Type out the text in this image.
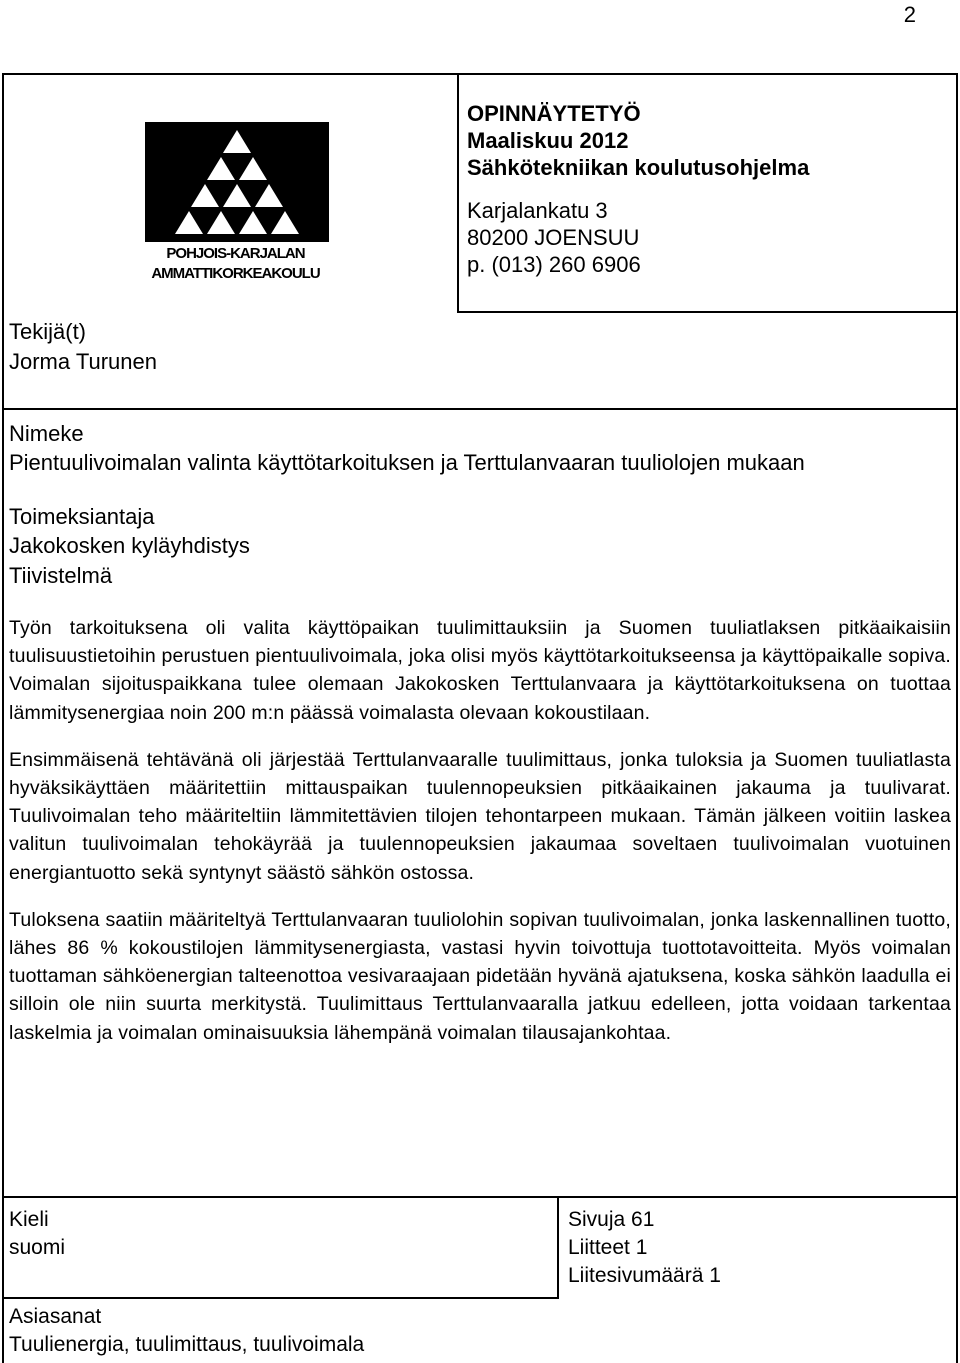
2
POHJOIS-KARJALAN
AMMATTIKORKEAKOULU
OPINNÄYTETYÖ
Maaliskuu 2012
Sähkötekniikan koulutusohjelma
Karjalankatu 3
80200 JOENSUU
p. (013) 260 6906
Tekijä(t)
Jorma Turunen
Nimeke
Pientuulivoimalan valinta käyttötarkoituksen ja Terttulanvaaran tuuliolojen mukaan
Toimeksiantaja
Jakokosken kyläyhdistys
Tiivistelmä

Työn tarkoituksena oli valita käyttöpaikan tuulimittauksiin ja Suomen tuuliatlaksen pitkäaikaisiin tuulisuustietoihin perustuen pientuulivoimala, joka olisi myös käyttötarkoitukseensa ja käyttöpaikalle sopiva. Voimalan sijoituspaikkana tulee olemaan Jakokosken Terttulanvaara ja käyttötarkoituksena on tuottaa lämmitysenergiaa noin 200 m:n päässä voimalasta olevaan kokoustilaan.

Ensimmäisenä tehtävänä oli järjestää Terttulanvaaralle tuulimittaus, jonka tuloksia ja Suomen tuuliatlasta hyväksikäyttäen määritettiin mittauspaikan tuulennopeuksien pitkäaikainen jakauma ja tuulivarat. Tuulivoimalan teho määriteltiin lämmitettävien tilojen tehontarpeen mukaan. Tämän jälkeen voitiin laskea valitun tuulivoimalan tehokäyrää ja tuulennopeuksien jakaumaa soveltaen tuulivoimalan vuotuinen energiantuotto sekä syntynyt säästö sähkön ostossa.

Tuloksena saatiin määriteltyä Terttulanvaaran tuuliolohin sopivan tuulivoimalan, jonka laskennallinen tuotto, lähes 86 % kokoustilojen lämmitysenergiasta, vastasi hyvin toivottuja tuottotavoitteita. Myös voimalan tuottaman sähköenergian talteenottoa vesivaraajaan pidetään hyvänä ajatuksena, koska sähkön laadulla ei silloin ole niin suurta merkitystä. Tuulimittaus Terttulanvaaralla jatkuu edelleen, jotta voidaan tarkentaa laskelmia ja voimalan ominaisuuksia lähempänä voimalan tilausajankohtaa.

Kieli
suomi
Sivuja 61
Liitteet 1
Liitesivumäärä 1
Asiasanat
Tuulienergia, tuulimittaus, tuulivoimala
